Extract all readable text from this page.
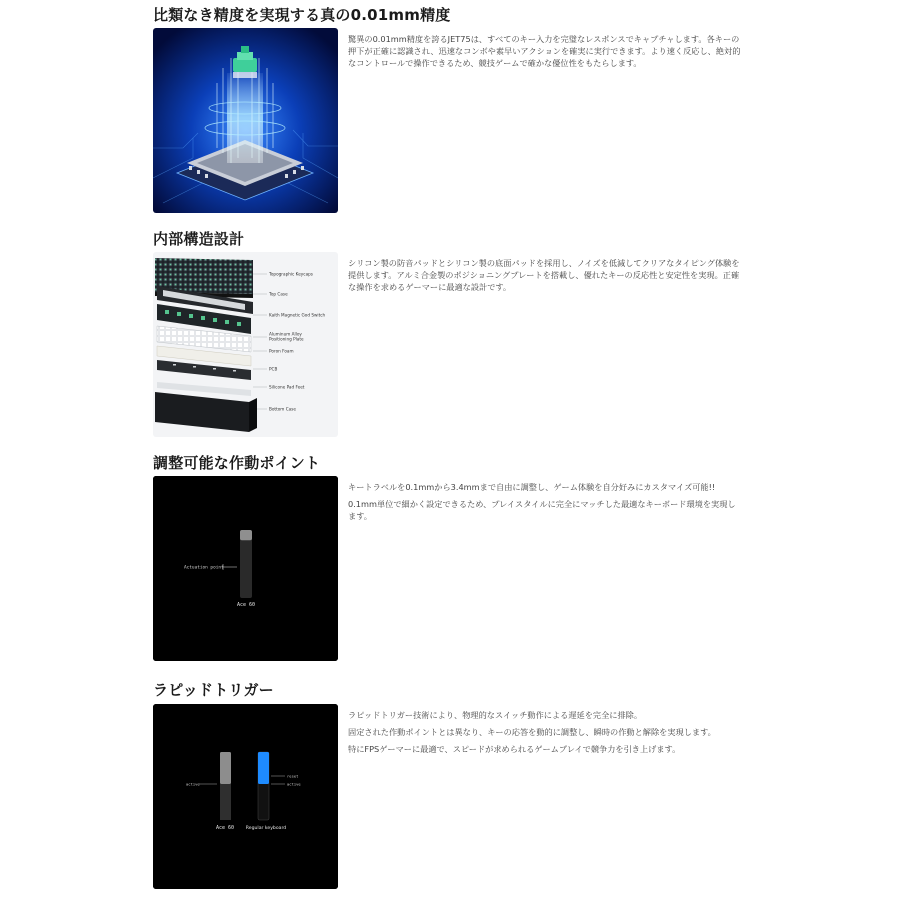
比類なき精度を実現する真の0.01mm精度

驚異の0.01mm精度を誇るJET75は、すべてのキー入力を完璧なレスポンスでキャプチャします。各キーの押下が正確に認識され、迅速なコンボや素早いアクションを確実に実行できます。より速く反応し、絶対的なコントロールで操作できるため、競技ゲームで確かな優位性をもたらします。

内部構造設計
Topographic Keycaps
Top Case
Kaith Magnetic God Switch
Aluminum Alloy
Positioning Plate
Poron Foam
PCB
Silicone Pad Feet
Bottom Case

シリコン製の防音パッドとシリコン製の底面パッドを採用し、ノイズを低減してクリアなタイピング体験を提供します。アルミ合金製のポジショニングプレートを搭載し、優れたキーの反応性と安定性を実現。正確な操作を求めるゲーマーに最適な設計です。

調整可能な作動ポイント
Actuation point
Ace 60

キートラベルを0.1mmから3.4mmまで自由に調整し、ゲーム体験を自分好みにカスタマイズ可能!!

0.1mm単位で細かく設定できるため、プレイスタイルに完全にマッチした最適なキーボード環境を実現します。

ラピッドトリガー
active
reset
active
Ace 60	Regular keyboard

ラピッドトリガー技術により、物理的なスイッチ動作による遅延を完全に排除。

固定された作動ポイントとは異なり、キーの応答を動的に調整し、瞬時の作動と解除を実現します。

特にFPSゲーマーに最適で、スピードが求められるゲームプレイで競争力を引き上げます。
